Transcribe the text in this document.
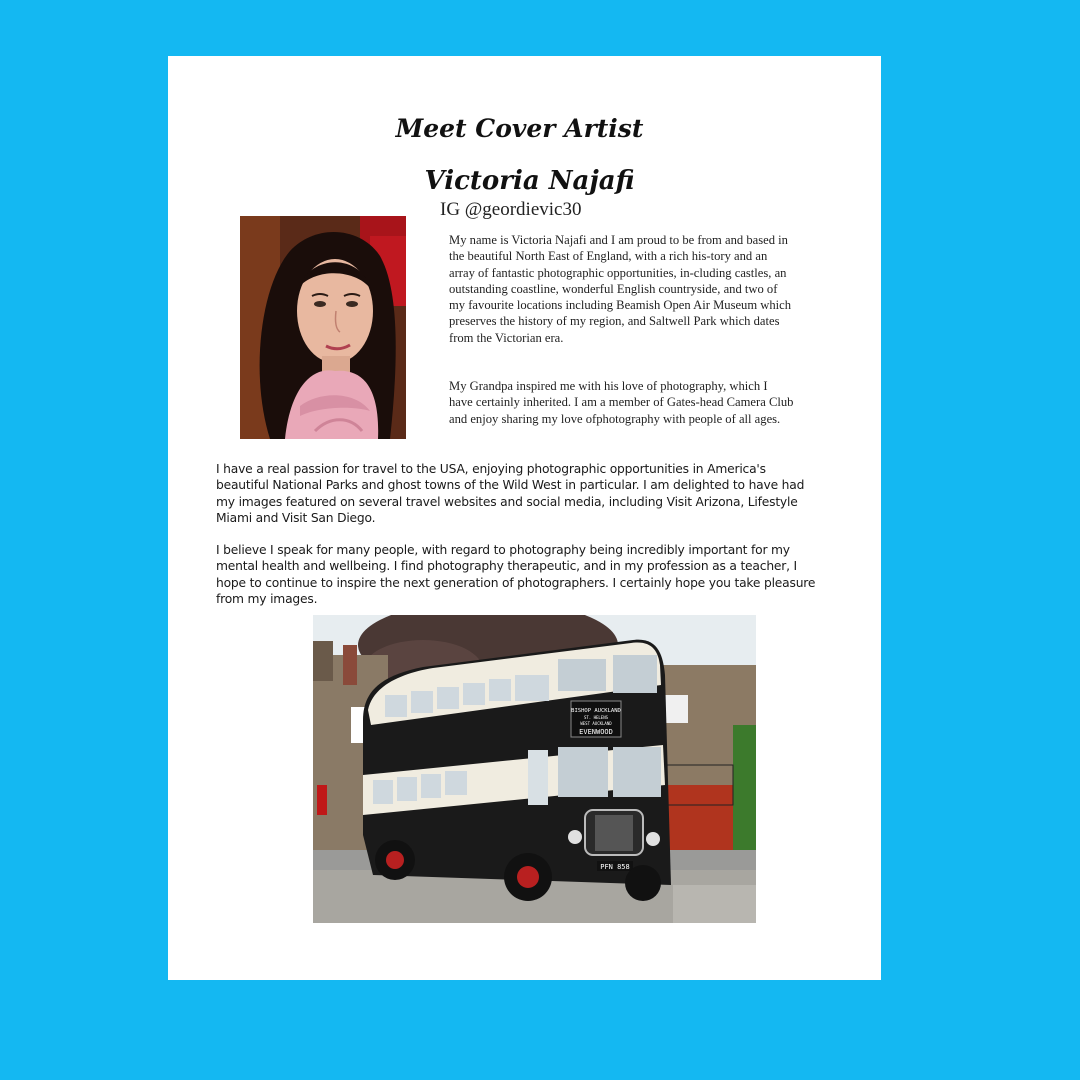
Meet Cover Artist
Victoria Najafi
IG @geordievic30

My name is Victoria Najafi and I am proud to be from and based in the beautiful North East of England, with a rich his-tory and an array of fantastic photographic opportunities, in-cluding castles, an outstanding coastline, wonderful English countryside, and two of my favourite locations including Beamish Open Air Museum which preserves the history of my region, and Saltwell Park which dates from the Victorian era.

My Grandpa inspired me with his love of photography, which I have certainly inherited. I am a member of Gates-head Camera Club and enjoy sharing my love ofphotography with people of all ages.

I have a real passion for travel to the USA, enjoying photographic opportunities in America's beautiful National Parks and ghost towns of the Wild West in particular. I am delighted to have had my images featured on several travel websites and social media, including Visit Arizona, Lifestyle Miami and Visit San Diego.

I believe I speak for many people, with regard to photography being incredibly important for my mental health and wellbeing. I find photography therapeutic, and in my profession as a teacher, I hope to continue to inspire the next generation of photographers. I certainly hope you take pleasure from my images.

BISHOP AUCKLAND
ST. HELENS
WEST AUCKLAND
EVENWOOD
PFN 858
